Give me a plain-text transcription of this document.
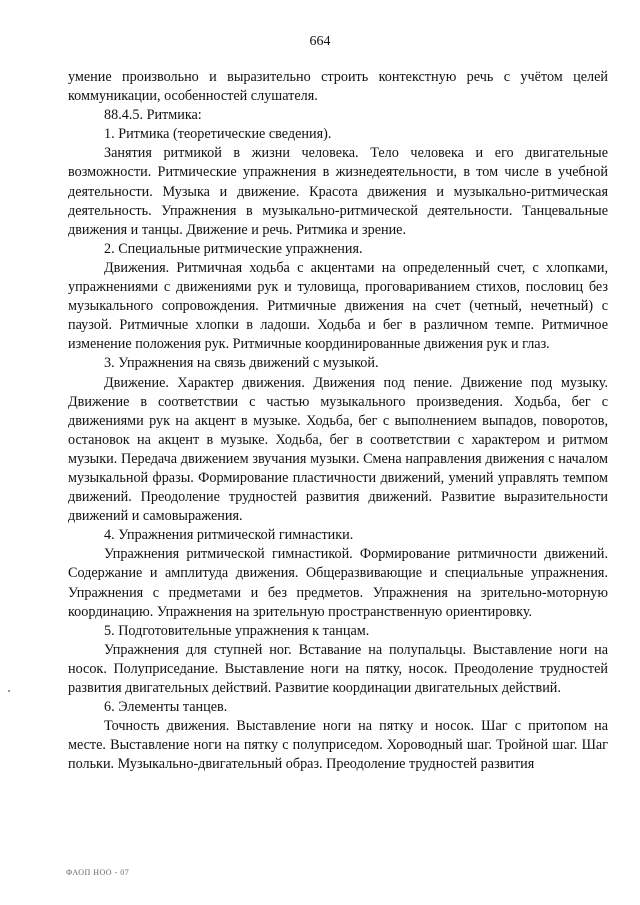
664

умение произвольно и выразительно строить контекстную речь с учётом целей коммуникации, особенностей слушателя.

88.4.5. Ритмика:

1. Ритмика (теоретические сведения).

Занятия ритмикой в жизни человека. Тело человека и его двигательные возможности. Ритмические упражнения в жизнедеятельности, в том числе в учебной деятельности. Музыка и движение. Красота движения и музыкально-ритмическая деятельность. Упражнения в музыкально-ритмической деятельности. Танцевальные движения и танцы. Движение и речь. Ритмика и зрение.

2. Специальные ритмические упражнения.

Движения. Ритмичная ходьба с акцентами на определенный счет, с хлопками, упражнениями с движениями рук и туловища, проговариванием стихов, пословиц без музыкального сопровождения. Ритмичные движения на счет (четный, нечетный) с паузой. Ритмичные хлопки в ладоши. Ходьба и бег в различном темпе. Ритмичное изменение положения рук. Ритмичные координированные движения рук и глаз.

3. Упражнения на связь движений с музыкой.

Движение. Характер движения. Движения под пение. Движение под музыку. Движение в соответствии с частью музыкального произведения. Ходьба, бег с движениями рук на акцент в музыке. Ходьба, бег с выполнением выпадов, поворотов, остановок на акцент в музыке. Ходьба, бег в соответствии с характером и ритмом музыки. Передача движением звучания музыки. Смена направления движения с началом музыкальной фразы. Формирование пластичности движений, умений управлять темпом движений. Преодоление трудностей развития движений. Развитие выразительности движений и самовыражения.

4. Упражнения ритмической гимнастики.

Упражнения ритмической гимнастикой. Формирование ритмичности движений. Содержание и амплитуда движения. Общеразвивающие и специальные упражнения. Упражнения с предметами и без предметов. Упражнения на зрительно-моторную координацию. Упражнения на зрительную пространственную ориентировку.

5. Подготовительные упражнения к танцам.

Упражнения для ступней ног. Вставание на полупальцы. Выставление ноги на носок. Полуприседание. Выставление ноги на пятку, носок. Преодоление трудностей развития двигательных действий. Развитие координации двигательных действий.

6. Элементы танцев.

Точность движения. Выставление ноги на пятку и носок. Шаг с притопом на месте. Выставление ноги на пятку с полуприседом. Хороводный шаг. Тройной шаг. Шаг польки. Музыкально-двигательный образ. Преодоление трудностей развития

ФАОП НОО - 07
